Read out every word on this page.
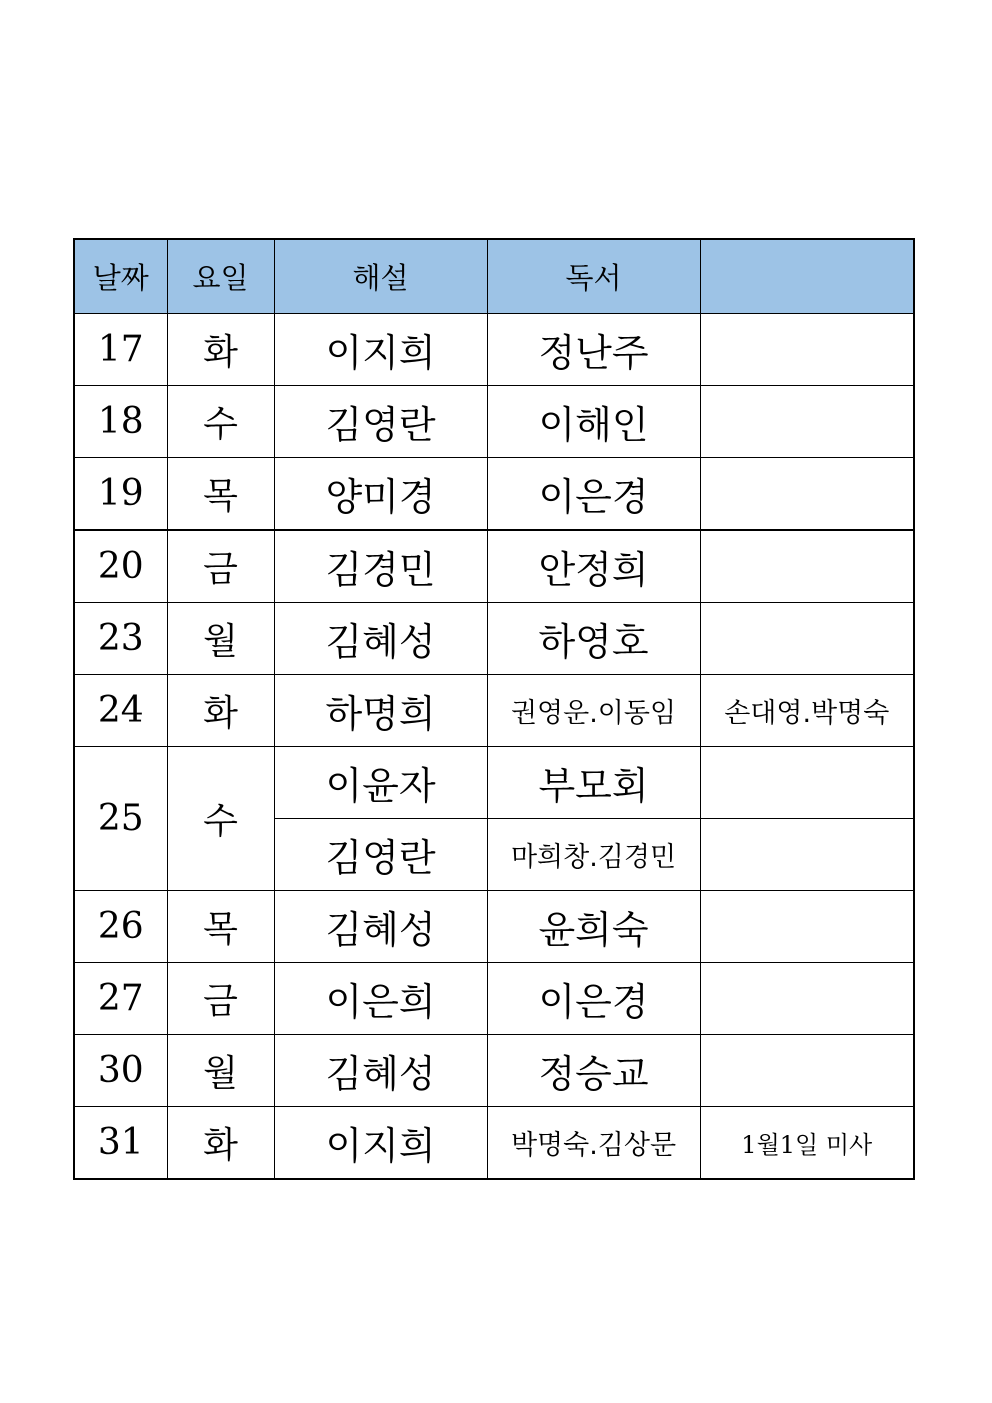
날짜	요일	해설	독서	
17	화	이지희	정난주	
18	수	김영란	이해인	
19	목	양미경	이은경	
20	금	김경민	안정희	
23	월	김혜성	하영호	
24	화	하명희	권영운.이동임	손대영.박명숙
25	수	이윤자	부모회	
		김영란	마희창.김경민	
26	목	김혜성	윤희숙	
27	금	이은희	이은경	
30	월	김혜성	정승교	
31	화	이지희	박명숙.김상문	1월1일 미사
